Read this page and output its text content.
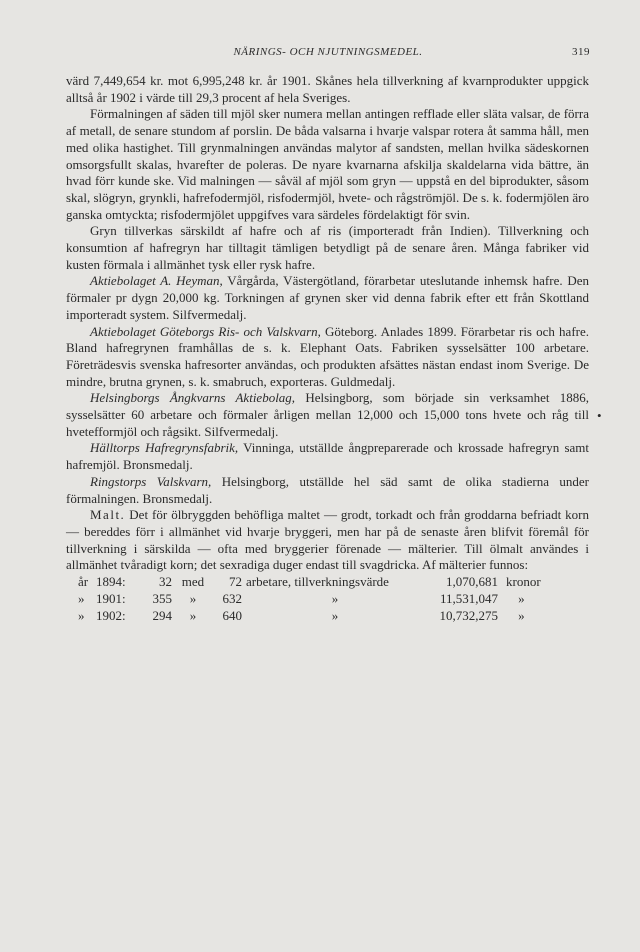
NÄRINGS- OCH NJUTNINGSMEDEL.	319

värd 7,449,654 kr. mot 6,995,248 kr. år 1901. Skånes hela tillverkning af kvarnprodukter uppgick alltså år 1902 i värde till 29,3 procent af hela Sveriges.

Förmalningen af säden till mjöl sker numera mellan antingen refflade eller släta valsar, de förra af metall, de senare stundom af porslin. De båda valsarna i hvarje valspar rotera åt samma håll, men med olika hastighet. Till grynmalningen användas malytor af sandsten, mellan hvilka sädeskornen omsorgsfullt skalas, hvarefter de poleras. De nyare kvarnarna afskilja skaldelarna vida bättre, än hvad förr kunde ske. Vid malningen — såväl af mjöl som gryn — uppstå en del biprodukter, såsom skal, slögryn, grynkli, hafrefodermjöl, risfodermjöl, hvete- och rågströmjöl. De s. k. fodermjölen äro ganska omtyckta; risfodermjölet uppgifves vara särdeles fördelaktigt för svin.

Gryn tillverkas särskildt af hafre och af ris (importeradt från Indien). Tillverkning och konsumtion af hafregryn har tilltagit tämligen betydligt på de senare åren. Många fabriker vid kusten förmala i allmänhet tysk eller rysk hafre.

Aktiebolaget A. Heyman, Vårgårda, Västergötland, förarbetar uteslutande inhemsk hafre. Den förmaler pr dygn 20,000 kg. Torkningen af grynen sker vid denna fabrik efter ett från Skottland importeradt system. Silfvermedalj.

Aktiebolaget Göteborgs Ris- och Valskvarn, Göteborg. Anlades 1899. Förarbetar ris och hafre. Bland hafregrynen framhållas de s. k. Elephant Oats. Fabriken sysselsätter 100 arbetare. Företrädesvis svenska hafresorter användas, och produkten afsättes nästan endast inom Sverige. De mindre, brutna grynen, s. k. smabruch, exporteras. Guldmedalj.

Helsingborgs Ångkvarns Aktiebolag, Helsingborg, som började sin verksamhet 1886, sysselsätter 60 arbetare och förmaler årligen mellan 12,000 och 15,000 tons hvete och råg till hvetefformjöl och rågsikt. Silfvermedalj.

Hälltorps Hafregrynsfabrik, Vinninga, utställde ångpreparerade och krossade hafregryn samt hafremjöl. Bronsmedalj.

Ringstorps Valskvarn, Helsingborg, utställde hel säd samt de olika stadierna under förmalningen. Bronsmedalj.

Malt. Det för ölbryggden behöfliga maltet — grodt, torkadt och från groddarna befriadt korn — bereddes förr i allmänhet vid hvarje bryggeri, men har på de senaste åren blifvit föremål för tillverkning i särskilda — ofta med bryggerier förenade — mälterier. Till ölmalt användes i allmänhet tvåradigt korn; det sexradiga duger endast till svagdricka. Af mälterier funnos:

år	1894:	32	med	72	arbetare, tillverkningsvärde	1,070,681	kronor
»	1901:	355	»	632	»	11,531,047	»
»	1902:	294	»	640	»	10,732,275	»
•
